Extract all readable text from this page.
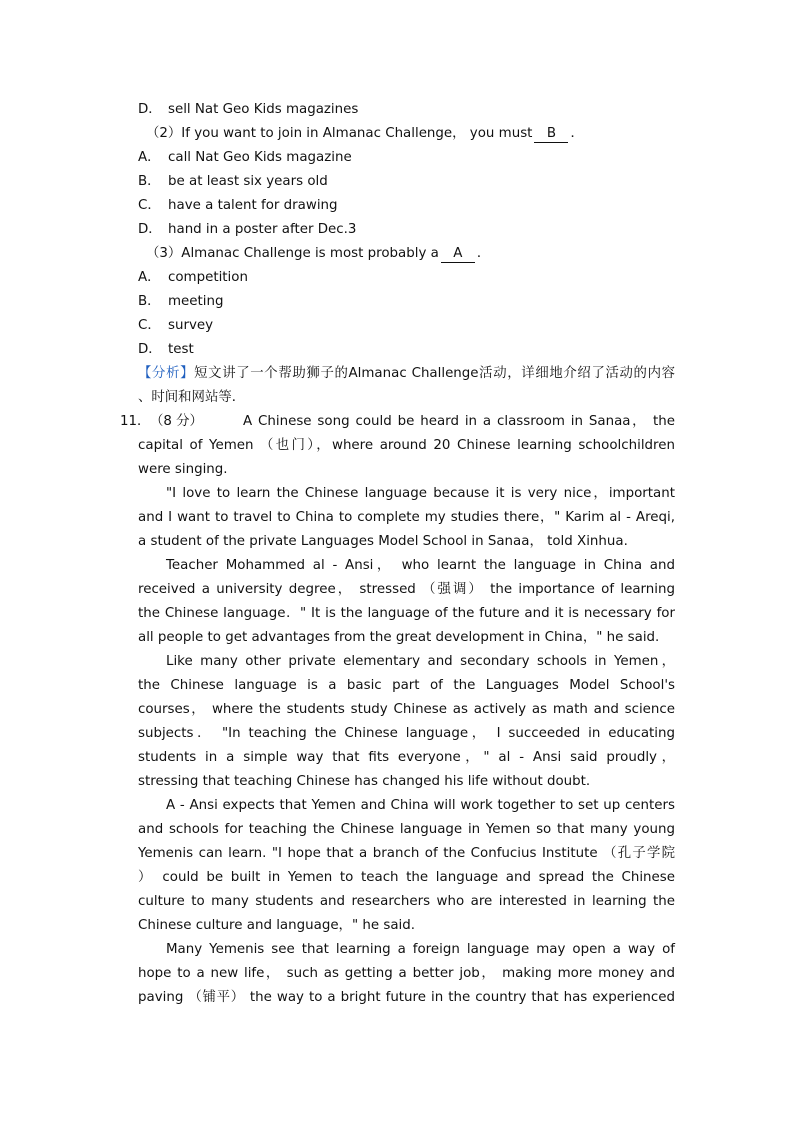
D． sell Nat Geo Kids magazines
（2）If you want to join in Almanac Challenge， you must B ．
A． call Nat Geo Kids magazine
B． be at least six years old
C． have a talent for drawing
D． hand in a poster after Dec.3
（3）Almanac Challenge is most probably a A ．
A． competition
B． meeting
C． survey
D． test
【分析】短文讲了一个帮助狮子的Almanac Challenge活动，详细地介绍了活动的内容
、时间和网站等．
11．（8 分）	A Chinese song could be heard in a classroom in Sanaa， the
capital of Yemen （也门），where around 20 Chinese learning schoolchildren
were singing.
"I love to learn the Chinese language because it is very nice，important
and I want to travel to China to complete my studies there，" Karim al - Areqi,
a student of the private Languages Model School in Sanaa， told Xinhua.
Teacher Mohammed al - Ansi， who learnt the language in China and
received a university degree， stressed （强调） the importance of learning
the Chinese language．" It is the language of the future and it is necessary for
all people to get advantages from the great development in China，" he said.
Like many other private elementary and secondary schools in Yemen，
the Chinese language is a basic part of the Languages Model School's
courses， where the students study Chinese as actively as math and science
subjects． "In teaching the Chinese language， I succeeded in educating
students in a simple way that fits everyone，" al - Ansi said proudly，
stressing that teaching Chinese has changed his life without doubt.
A - Ansi expects that Yemen and China will work together to set up centers
and schools for teaching the Chinese language in Yemen so that many young
Yemenis can learn. "I hope that a branch of the Confucius Institute （孔子学院
） could be built in Yemen to teach the language and spread the Chinese
culture to many students and researchers who are interested in learning the
Chinese culture and language，" he said.
Many Yemenis see that learning a foreign language may open a way of
hope to a new life， such as getting a better job， making more money and
paving （铺平） the way to a bright future in the country that has experienced
